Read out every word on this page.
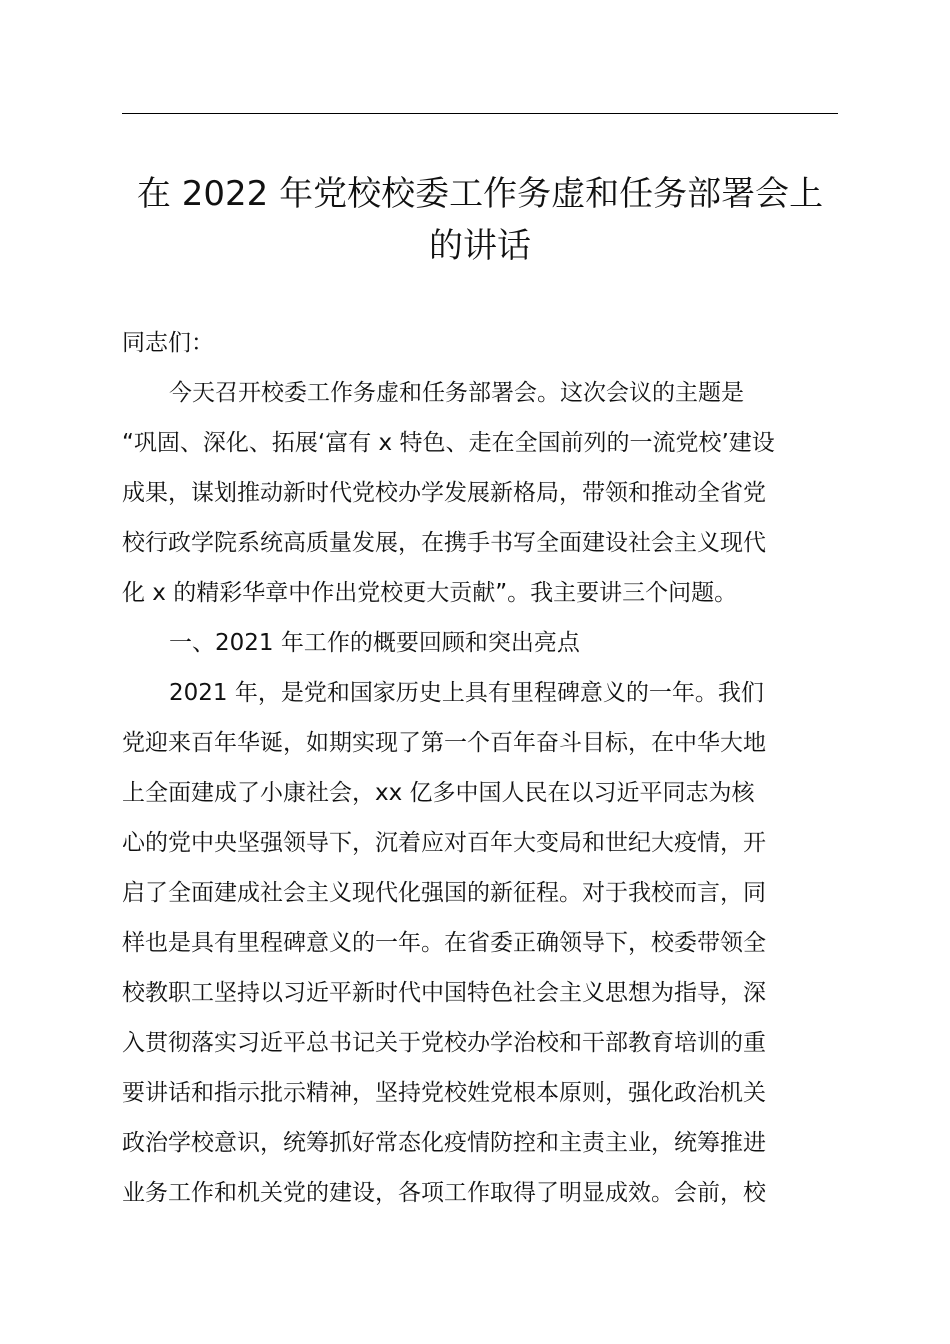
在 2022 年党校校委工作务虚和任务部署会上
的讲话

同志们：

今天召开校委工作务虚和任务部署会。这次会议的主题是

“巩固、深化、拓展‘富有 x 特色、走在全国前列的一流党校’建设

成果，谋划推动新时代党校办学发展新格局，带领和推动全省党

校行政学院系统高质量发展，在携手书写全面建设社会主义现代

化 x 的精彩华章中作出党校更大贡献”。我主要讲三个问题。

一、2021 年工作的概要回顾和突出亮点

2021 年，是党和国家历史上具有里程碑意义的一年。我们

党迎来百年华诞，如期实现了第一个百年奋斗目标，在中华大地

上全面建成了小康社会，xx 亿多中国人民在以习近平同志为核

心的党中央坚强领导下，沉着应对百年大变局和世纪大疫情，开

启了全面建成社会主义现代化强国的新征程。对于我校而言，同

样也是具有里程碑意义的一年。在省委正确领导下，校委带领全

校教职工坚持以习近平新时代中国特色社会主义思想为指导，深

入贯彻落实习近平总书记关于党校办学治校和干部教育培训的重

要讲话和指示批示精神，坚持党校姓党根本原则，强化政治机关

政治学校意识，统筹抓好常态化疫情防控和主责主业，统筹推进

业务工作和机关党的建设，各项工作取得了明显成效。会前，校
